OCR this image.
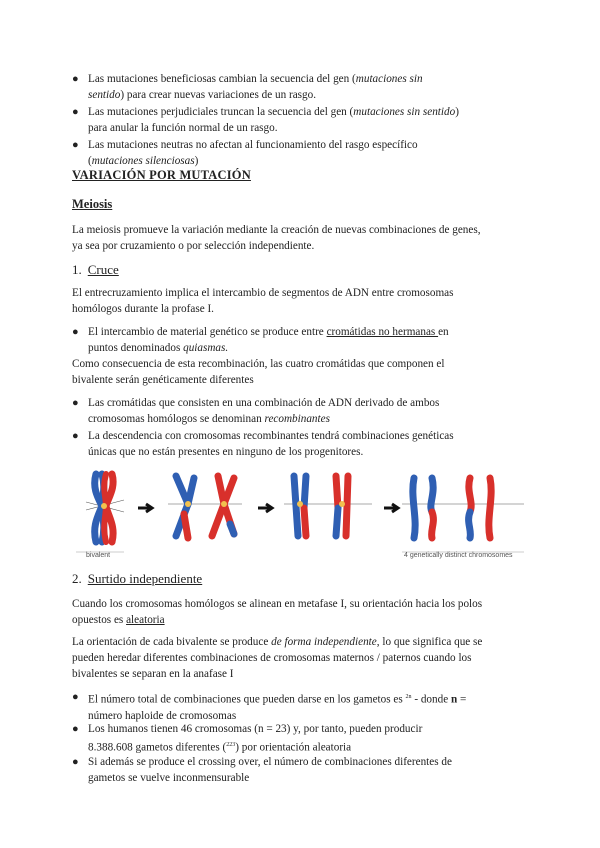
● Las mutaciones beneficiosas cambian la secuencia del gen (mutaciones sin
sentido) para crear nuevas variaciones de un rasgo.
● Las mutaciones perjudiciales truncan la secuencia del gen (mutaciones sin sentido)
para anular la función normal de un rasgo.
● Las mutaciones neutras no afectan al funcionamiento del rasgo específico
(mutaciones silenciosas)
VARIACIÓN POR MUTACIÓN
Meiosis
La meiosis promueve la variación mediante la creación de nuevas combinaciones de genes,
ya sea por cruzamiento o por selección independiente.
1. Cruce
El entrecruzamiento implica el intercambio de segmentos de ADN entre cromosomas
homólogos durante la profase I.
● El intercambio de material genético se produce entre cromátidas no hermanas en
puntos denominados quiasmas.
Como consecuencia de esta recombinación, las cuatro cromátidas que componen el
bivalente serán genéticamente diferentes
● Las cromátidas que consisten en una combinación de ADN derivado de ambos
cromosomas homólogos se denominan recombinantes
● La descendencia con cromosomas recombinantes tendrá combinaciones genéticas
únicas que no están presentes en ninguno de los progenitores.
bivalent	4 genetically distinct chromosomes
2. Surtido independiente
Cuando los cromosomas homólogos se alinean en metafase I, su orientación hacia los polos
opuestos es aleatoria
La orientación de cada bivalente se produce de forma independiente, lo que significa que se
pueden heredar diferentes combinaciones de cromosomas maternos / paternos cuando los
bivalentes se separan en la anafase I
● El número total de combinaciones que pueden darse en los gametos es $^{2n}$ - donde n =
número haploide de cromosomas
● Los humanos tienen 46 cromosomas (n = 23) y, por tanto, pueden producir
8.388.608 gametos diferentes ($^{223}$) por orientación aleatoria
● Si además se produce el crossing over, el número de combinaciones diferentes de
gametos se vuelve inconmensurable
